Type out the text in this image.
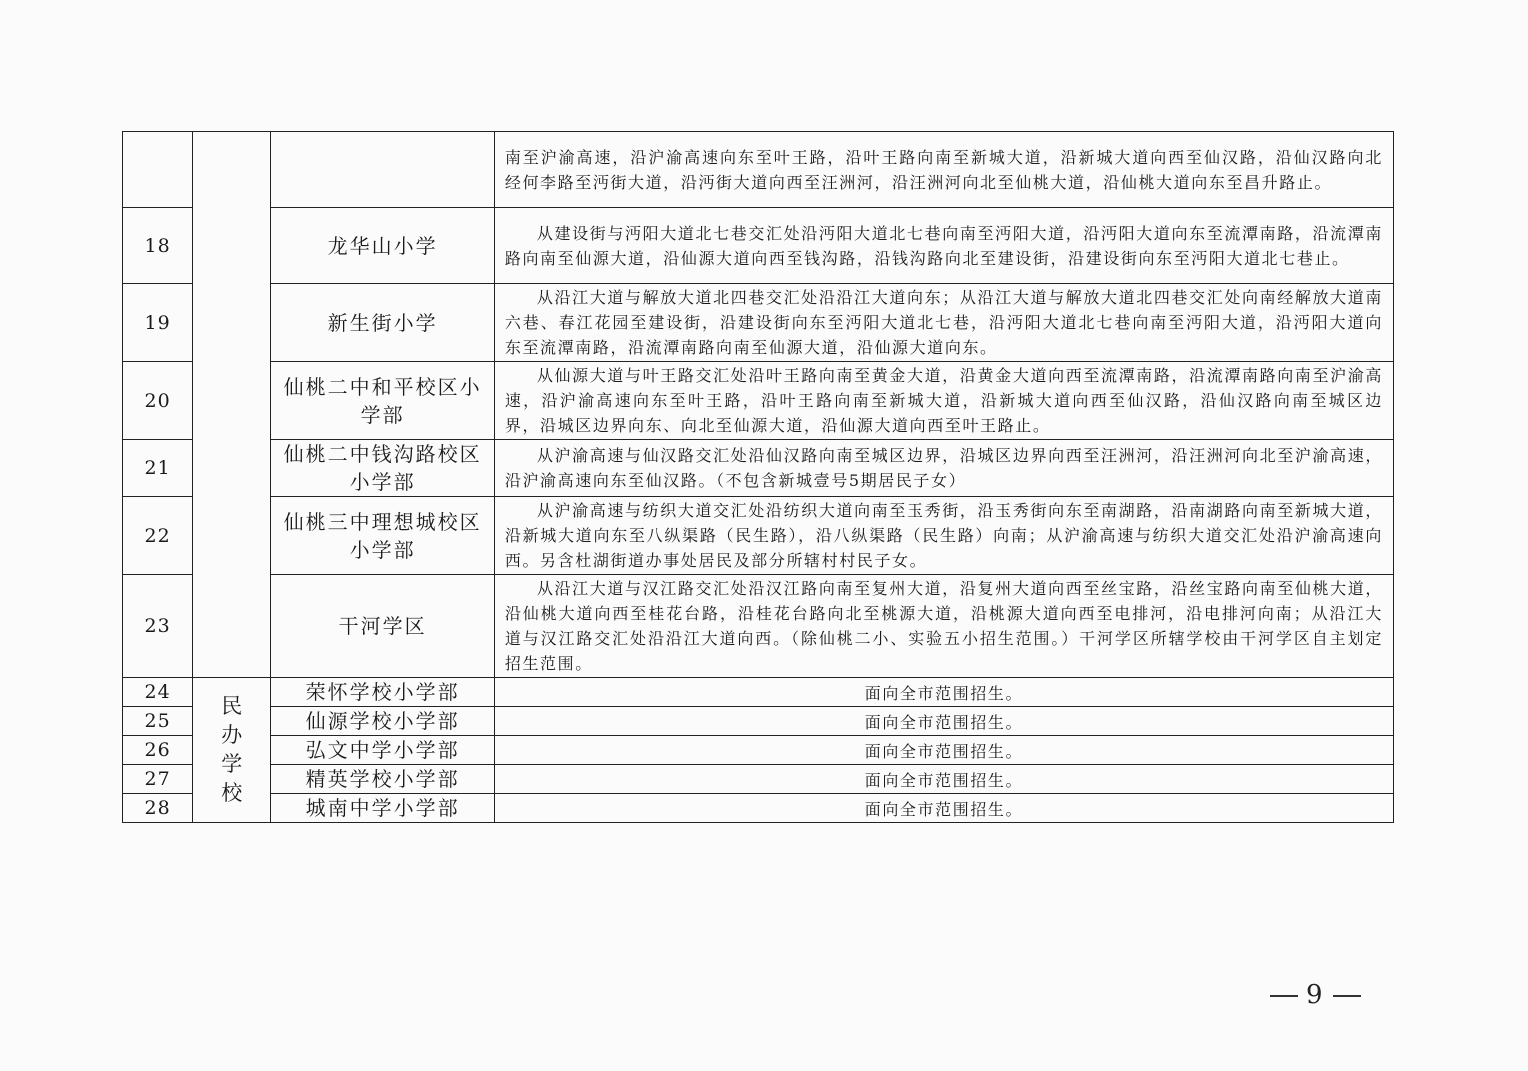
			南至沪渝高速，沿沪渝高速向东至叶王路，沿叶王路向南至新城大道，沿新城大道向西至仙汉路，沿仙汉路向北经何李路至沔街大道，沿沔街大道向西至汪洲河，沿汪洲河向北至仙桃大道，沿仙桃大道向东至昌升路止。
18		龙华山小学	从建设街与沔阳大道北七巷交汇处沿沔阳大道北七巷向南至沔阳大道，沿沔阳大道向东至流潭南路，沿流潭南路向南至仙源大道，沿仙源大道向西至钱沟路，沿钱沟路向北至建设街，沿建设街向东至沔阳大道北七巷止。
19		新生街小学	从沿江大道与解放大道北四巷交汇处沿沿江大道向东；从沿江大道与解放大道北四巷交汇处向南经解放大道南六巷、春江花园至建设街，沿建设街向东至沔阳大道北七巷，沿沔阳大道北七巷向南至沔阳大道，沿沔阳大道向东至流潭南路，沿流潭南路向南至仙源大道，沿仙源大道向东。
20		仙桃二中和平校区小学部	从仙源大道与叶王路交汇处沿叶王路向南至黄金大道，沿黄金大道向西至流潭南路，沿流潭南路向南至沪渝高速，沿沪渝高速向东至叶王路，沿叶王路向南至新城大道，沿新城大道向西至仙汉路，沿仙汉路向南至城区边界，沿城区边界向东、向北至仙源大道，沿仙源大道向西至叶王路止。
21		仙桃二中钱沟路校区小学部	从沪渝高速与仙汉路交汇处沿仙汉路向南至城区边界，沿城区边界向西至汪洲河，沿汪洲河向北至沪渝高速，沿沪渝高速向东至仙汉路。（不包含新城壹号5期居民子女）
22		仙桃三中理想城校区小学部	从沪渝高速与纺织大道交汇处沿纺织大道向南至玉秀街，沿玉秀街向东至南湖路，沿南湖路向南至新城大道，沿新城大道向东至八纵渠路（民生路），沿八纵渠路（民生路）向南；从沪渝高速与纺织大道交汇处沿沪渝高速向西。另含杜湖街道办事处居民及部分所辖村村民子女。
23		干河学区	从沿江大道与汉江路交汇处沿汉江路向南至复州大道，沿复州大道向西至丝宝路，沿丝宝路向南至仙桃大道，沿仙桃大道向西至桂花台路，沿桂花台路向北至桃源大道，沿桃源大道向西至电排河，沿电排河向南；从沿江大道与汉江路交汇处沿沿江大道向西。（除仙桃二小、实验五小招生范围。）干河学区所辖学校由干河学区自主划定招生范围。
24	民办学校	荣怀学校小学部	面向全市范围招生。
25		仙源学校小学部	面向全市范围招生。
26		弘文中学小学部	面向全市范围招生。
27		精英学校小学部	面向全市范围招生。
28		城南中学小学部	面向全市范围招生。
9
